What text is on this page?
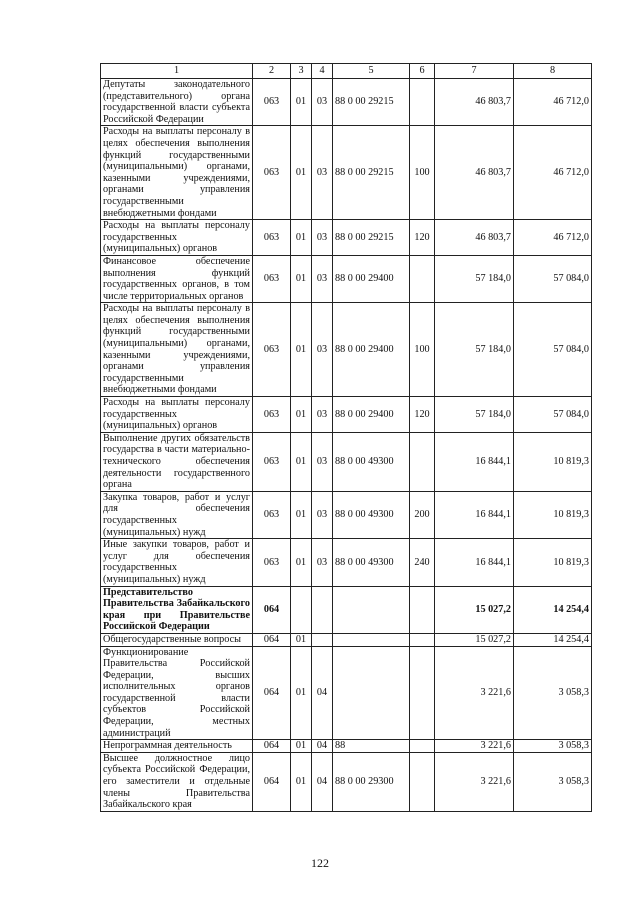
1	2	3	4	5	6	7	8
Депутаты законодательного (представительного) органа государственной власти субъекта Российской Федерации	063	01	03	88 0 00 29215		46 803,7	46 712,0
Расходы на выплаты персоналу в целях обеспечения выполнения функций государственными (муниципальными) органами, казенными учреждениями, органами управления государственными внебюджетными фондами	063	01	03	88 0 00 29215	100	46 803,7	46 712,0
Расходы на выплаты персоналу государственных (муниципальных) органов	063	01	03	88 0 00 29215	120	46 803,7	46 712,0
Финансовое обеспечение выполнения функций государственных органов, в том числе территориальных органов	063	01	03	88 0 00 29400		57 184,0	57 084,0
Расходы на выплаты персоналу в целях обеспечения выполнения функций государственными (муниципальными) органами, казенными учреждениями, органами управления государственными внебюджетными фондами	063	01	03	88 0 00 29400	100	57 184,0	57 084,0
Расходы на выплаты персоналу государственных (муниципальных) органов	063	01	03	88 0 00 29400	120	57 184,0	57 084,0
Выполнение других обязательств государства в части материально-технического обеспечения деятельности государственного органа	063	01	03	88 0 00 49300		16 844,1	10 819,3
Закупка товаров, работ и услуг для обеспечения государственных (муниципальных) нужд	063	01	03	88 0 00 49300	200	16 844,1	10 819,3
Иные закупки товаров, работ и услуг для обеспечения государственных (муниципальных) нужд	063	01	03	88 0 00 49300	240	16 844,1	10 819,3
Представительство Правительства Забайкальского края при Правительстве Российской Федерации	064					15 027,2	14 254,4
Общегосударственные вопросы	064	01				15 027,2	14 254,4
Функционирование Правительства Российской Федерации, высших исполнительных органов государственной власти субъектов Российской Федерации, местных администраций	064	01	04			3 221,6	3 058,3
Непрограммная деятельность	064	01	04	88		3 221,6	3 058,3
Высшее должностное лицо субъекта Российской Федерации, его заместители и отдельные члены Правительства Забайкальского края	064	01	04	88 0 00 29300		3 221,6	3 058,3
122
